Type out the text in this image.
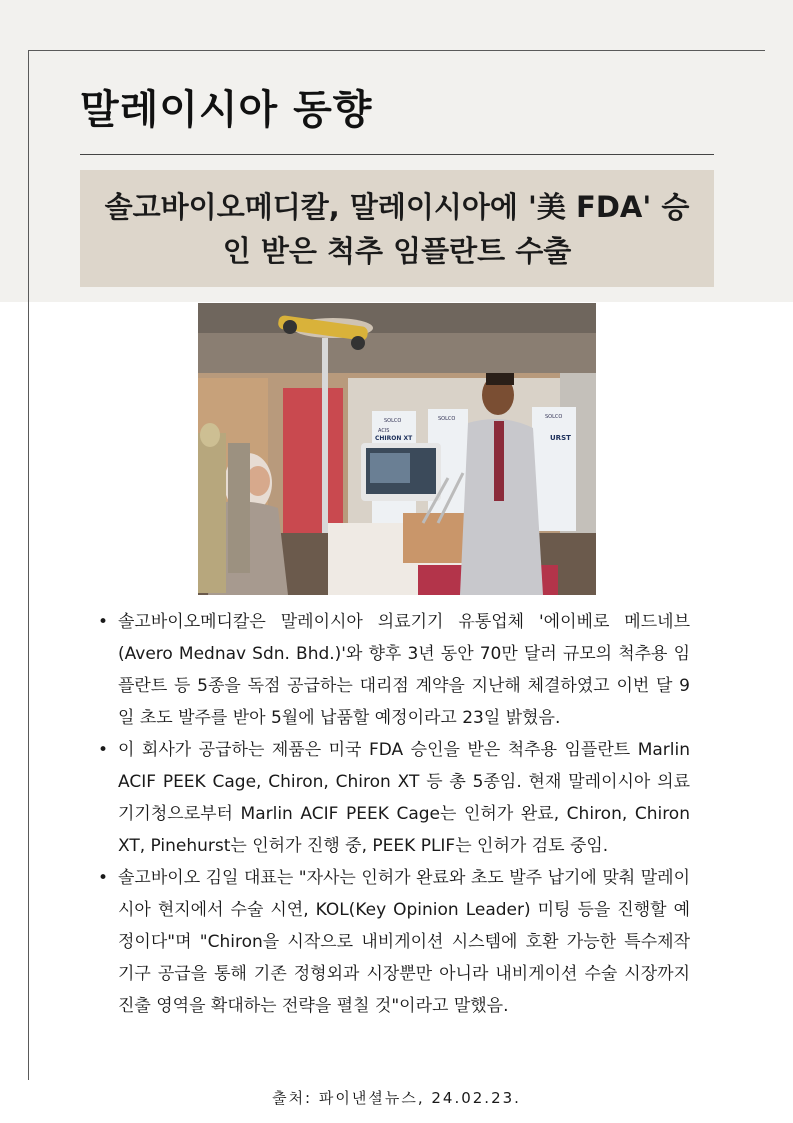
말레이시아 동향
솔고바이오메디칼, 말레이시아에 '美 FDA' 승인 받은 척추 임플란트 수출
SOLCO
ACIS
CHIRON XT
SOLCO	SOLCO
URST
• 솔고바이오메디칼은 말레이시아 의료기기 유통업체 '에이베로 메드네브(Avero Mednav Sdn. Bhd.)'와 향후 3년 동안 70만 달러 규모의 척추용 임플란트 등 5종을 독점 공급하는 대리점 계약을 지난해 체결하였고 이번 달 9일 초도 발주를 받아 5월에 납품할 예정이라고 23일 밝혔음.
• 이 회사가 공급하는 제품은 미국 FDA 승인을 받은 척추용 임플란트 Marlin ACIF PEEK Cage, Chiron, Chiron XT 등 총 5종임. 현재 말레이시아 의료기기청으로부터 Marlin ACIF PEEK Cage는 인허가 완료, Chiron, Chiron XT, Pinehurst는 인허가 진행 중, PEEK PLIF는 인허가 검토 중임.
• 솔고바이오 김일 대표는 "자사는 인허가 완료와 초도 발주 납기에 맞춰 말레이시아 현지에서 수술 시연, KOL(Key Opinion Leader) 미팅 등을 진행할 예정이다"며 "Chiron을 시작으로 내비게이션 시스템에 호환 가능한 특수제작 기구 공급을 통해 기존 정형외과 시장뿐만 아니라 내비게이션 수술 시장까지 진출 영역을 확대하는 전략을 펼칠 것"이라고 말했음.
출처: 파이낸셜뉴스, 24.02.23.
